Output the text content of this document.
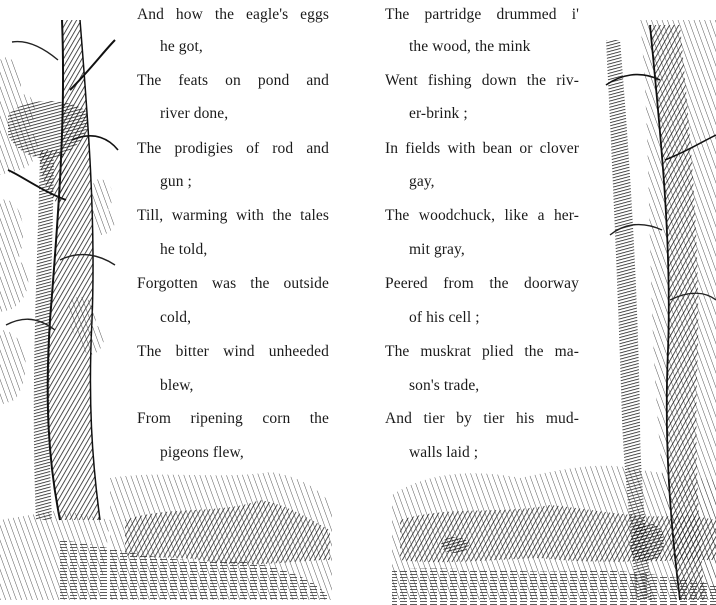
And how the eagle's eggs
he got,
The feats on pond and
river done,
The prodigies of rod and
gun ;
Till, warming with the tales
he told,
Forgotten was the outside
cold,
The bitter wind unheeded
blew,
From ripening corn the
pigeons flew,
The partridge drummed i'
the wood, the mink
Went fishing down the riv-
er-brink ;
In fields with bean or clover
gay,
The woodchuck, like a her-
mit gray,
Peered from the doorway
of his cell ;
The muskrat plied the ma-
son's trade,
And tier by tier his mud-
walls laid ;
